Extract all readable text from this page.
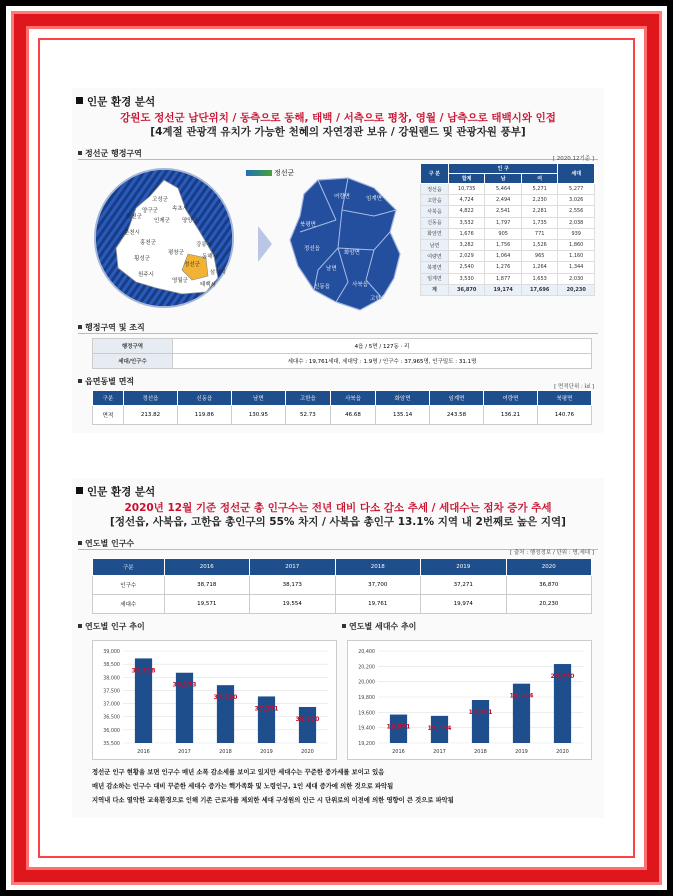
인문 환경 분석
강원도 정선군 남단위치 / 동측으로 동해, 태백 / 서측으로 평창, 영월 / 남측으로 태백시와 인접
[4계절 관광객 유치가 가능한 천혜의 자연경관 보유 / 강원랜드 및 관광자원 풍부]
정선군 행정구역
[ 2020.12기준 ]
고성군
양구군	속초시
화천군
인제군 양양군
춘천시
홍천군	강릉시
횡성군
평창군
동해시
원주시
영월군
정선군
삼척시
태백시
정선군
여량면	임계면
북평면
정선읍
화암면
남면
신동읍	사북읍
고한읍
구 분	인 구			세대
	합계	남	여	
정선읍	10,735	5,464	5,271	5,277
고한읍	4,724	2,494	2,230	3,026
사북읍	4,822	2,541	2,281	2,556
신동읍	3,532	1,797	1,735	2,038
화암면	1,676	905	771	939
남면	3,282	1,756	1,526	1,860
여량면	2,029	1,064	965	1,160
북평면	2,540	1,276	1,264	1,344
임계면	3,530	1,877	1,653	2,030
계	36,870	19,174	17,696	20,230
행정구역 및 조직
행정구역	4읍 / 5면 / 127동 · 리
세대/인구수	세대수 : 19,761세대, 세대당 : 1.9명 / 인구수 : 37,965명, 인구밀도 : 31.1명
읍면동별 면적
[ 면적단위 : ㎢ ]
구분	정선읍	신동읍	남면	고한읍	사북읍	화암면	임계면	여량면	북평면
면적	213.82	119.86	130.95	52.73	46.68	135.14	243.58	136.21	140.76
인문 환경 분석
2020년 12월 기준 정선군 총 인구수는 전년 대비 다소 감소 추세 / 세대수는 점차 증가 추세
[정선읍, 사북읍, 고한읍 총인구의 55% 차지 / 사북읍 총인구 13.1% 지역 내 2번째로 높은 지역]
연도별 인구수
[ 출처 : 행정정보 / 단위 : 명,세대 ]
구분	2016	2017	2018	2019	2020
인구수	38,718	38,173	37,700	37,271	36,870
세대수	19,571	19,554	19,761	19,974	20,230
연도별 인구 추이	연도별 세대수 추이
35,500
36,000
36,500
37,000
37,500
38,000
38,500
39,000
38,718
2016
38,173
2017
37,700
2018
37,271
2019
36,870
2020
19,200
19,400
19,600
19,800
20,000
20,200
20,400
19,571
2016
19,554
2017
19,761
2018
19,974
2019
20,230
2020
정선군 인구 현황을 보면 인구수 매년 소폭 감소세를 보이고 있지만 세대수는 꾸준한 증가세를 보이고 있음
매년 감소하는 인구수 대비 꾸준한 세대수 증가는 핵가족화 및 노령인구, 1인 세대 증가에 의한 것으로 파악됨
지역내 다소 열악한 교육환경으로 인해 기존 근로자를 제외한 세대 구성원의 인근 시 단위로의 이전에 의한 영향이 큰 것으로 파악됨
